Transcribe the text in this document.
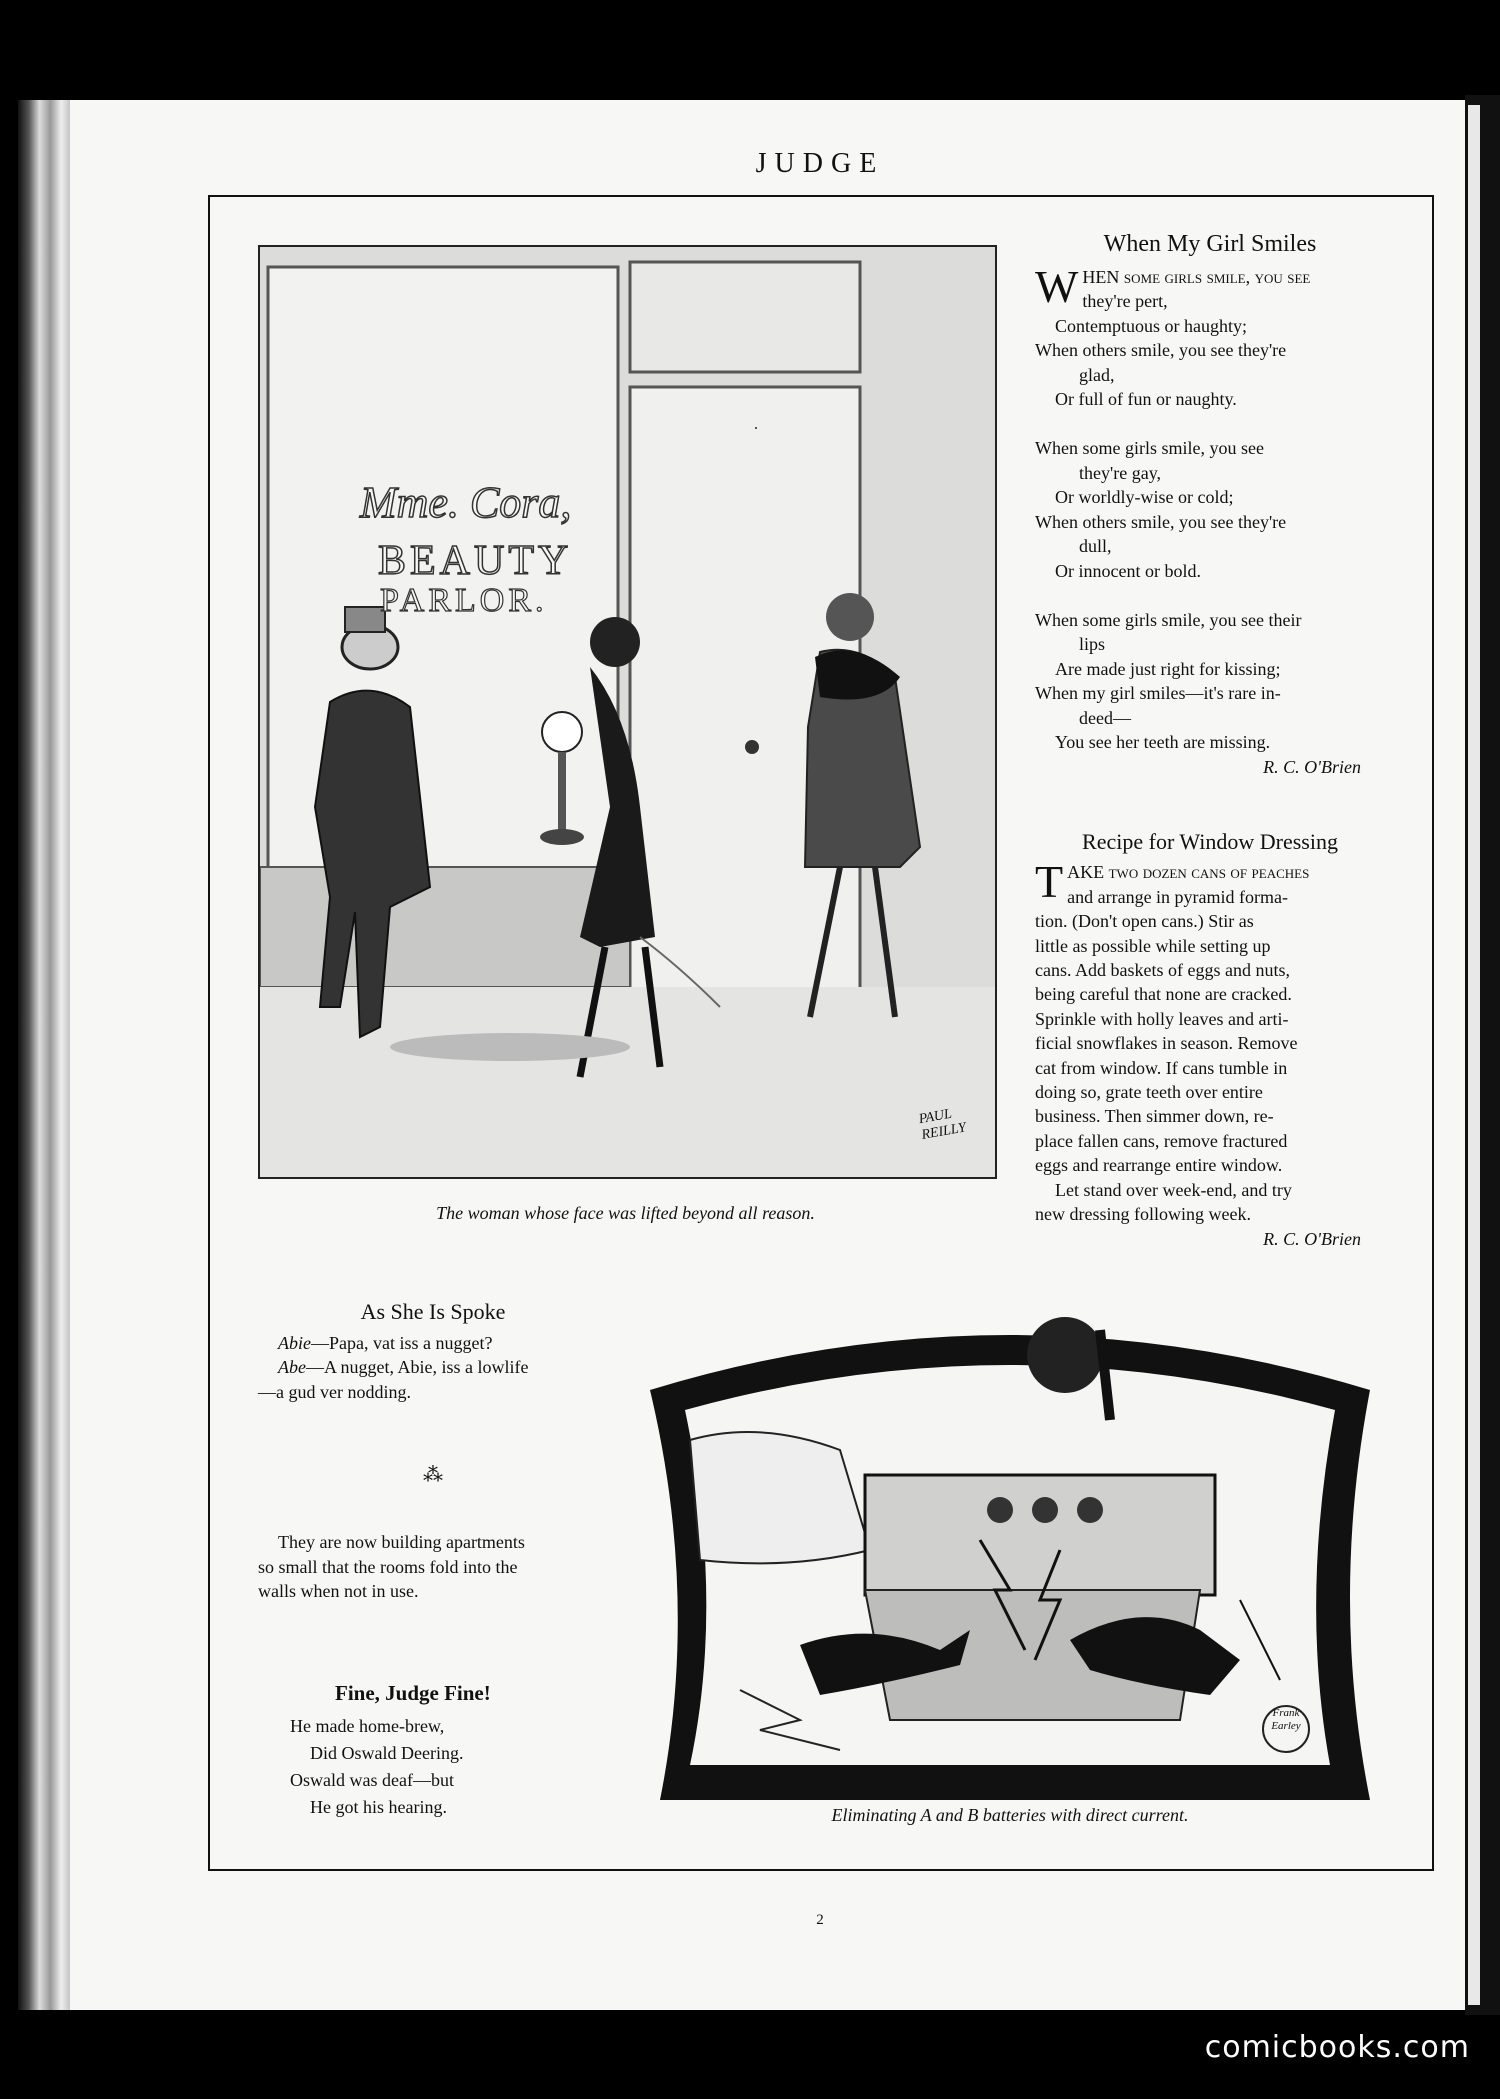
JUDGE
Mme. Cora,
BEAUTY
PARLOR.
PAUL REILLY
The woman whose face was lifted beyond all reason.
When My Girl Smiles
W HEN some girls smile, you see
they're pert,
Contemptuous or haughty;
When others smile, you see they're
glad,
Or full of fun or naughty.

When some girls smile, you see
they're gay,
Or worldly-wise or cold;
When others smile, you see they're
dull,
Or innocent or bold.

When some girls smile, you see their
lips
Are made just right for kissing;
When my girl smiles—it's rare in-
deed—
You see her teeth are missing.
R. C. O'Brien
Recipe for Window Dressing
T AKE two dozen cans of peaches
and arrange in pyramid forma-
tion. (Don't open cans.) Stir as
little as possible while setting up
cans. Add baskets of eggs and nuts,
being careful that none are cracked.
Sprinkle with holly leaves and arti-
ficial snowflakes in season. Remove
cat from window. If cans tumble in
doing so, grate teeth over entire
business. Then simmer down, re-
place fallen cans, remove fractured
eggs and rearrange entire window.
Let stand over week-end, and try
new dressing following week.
R. C. O'Brien
As She Is Spoke
Abie—Papa, vat iss a nugget?
Abe—A nugget, Abie, iss a lowlife
—a gud ver nodding.
⁂
They are now building apartments
so small that the rooms fold into the
walls when not in use.
Fine, Judge Fine!
He made home-brew,
Did Oswald Deering.
Oswald was deaf—but
He got his hearing.
Frank Earley
Eliminating A and B batteries with direct current.
2
comicbooks.com
